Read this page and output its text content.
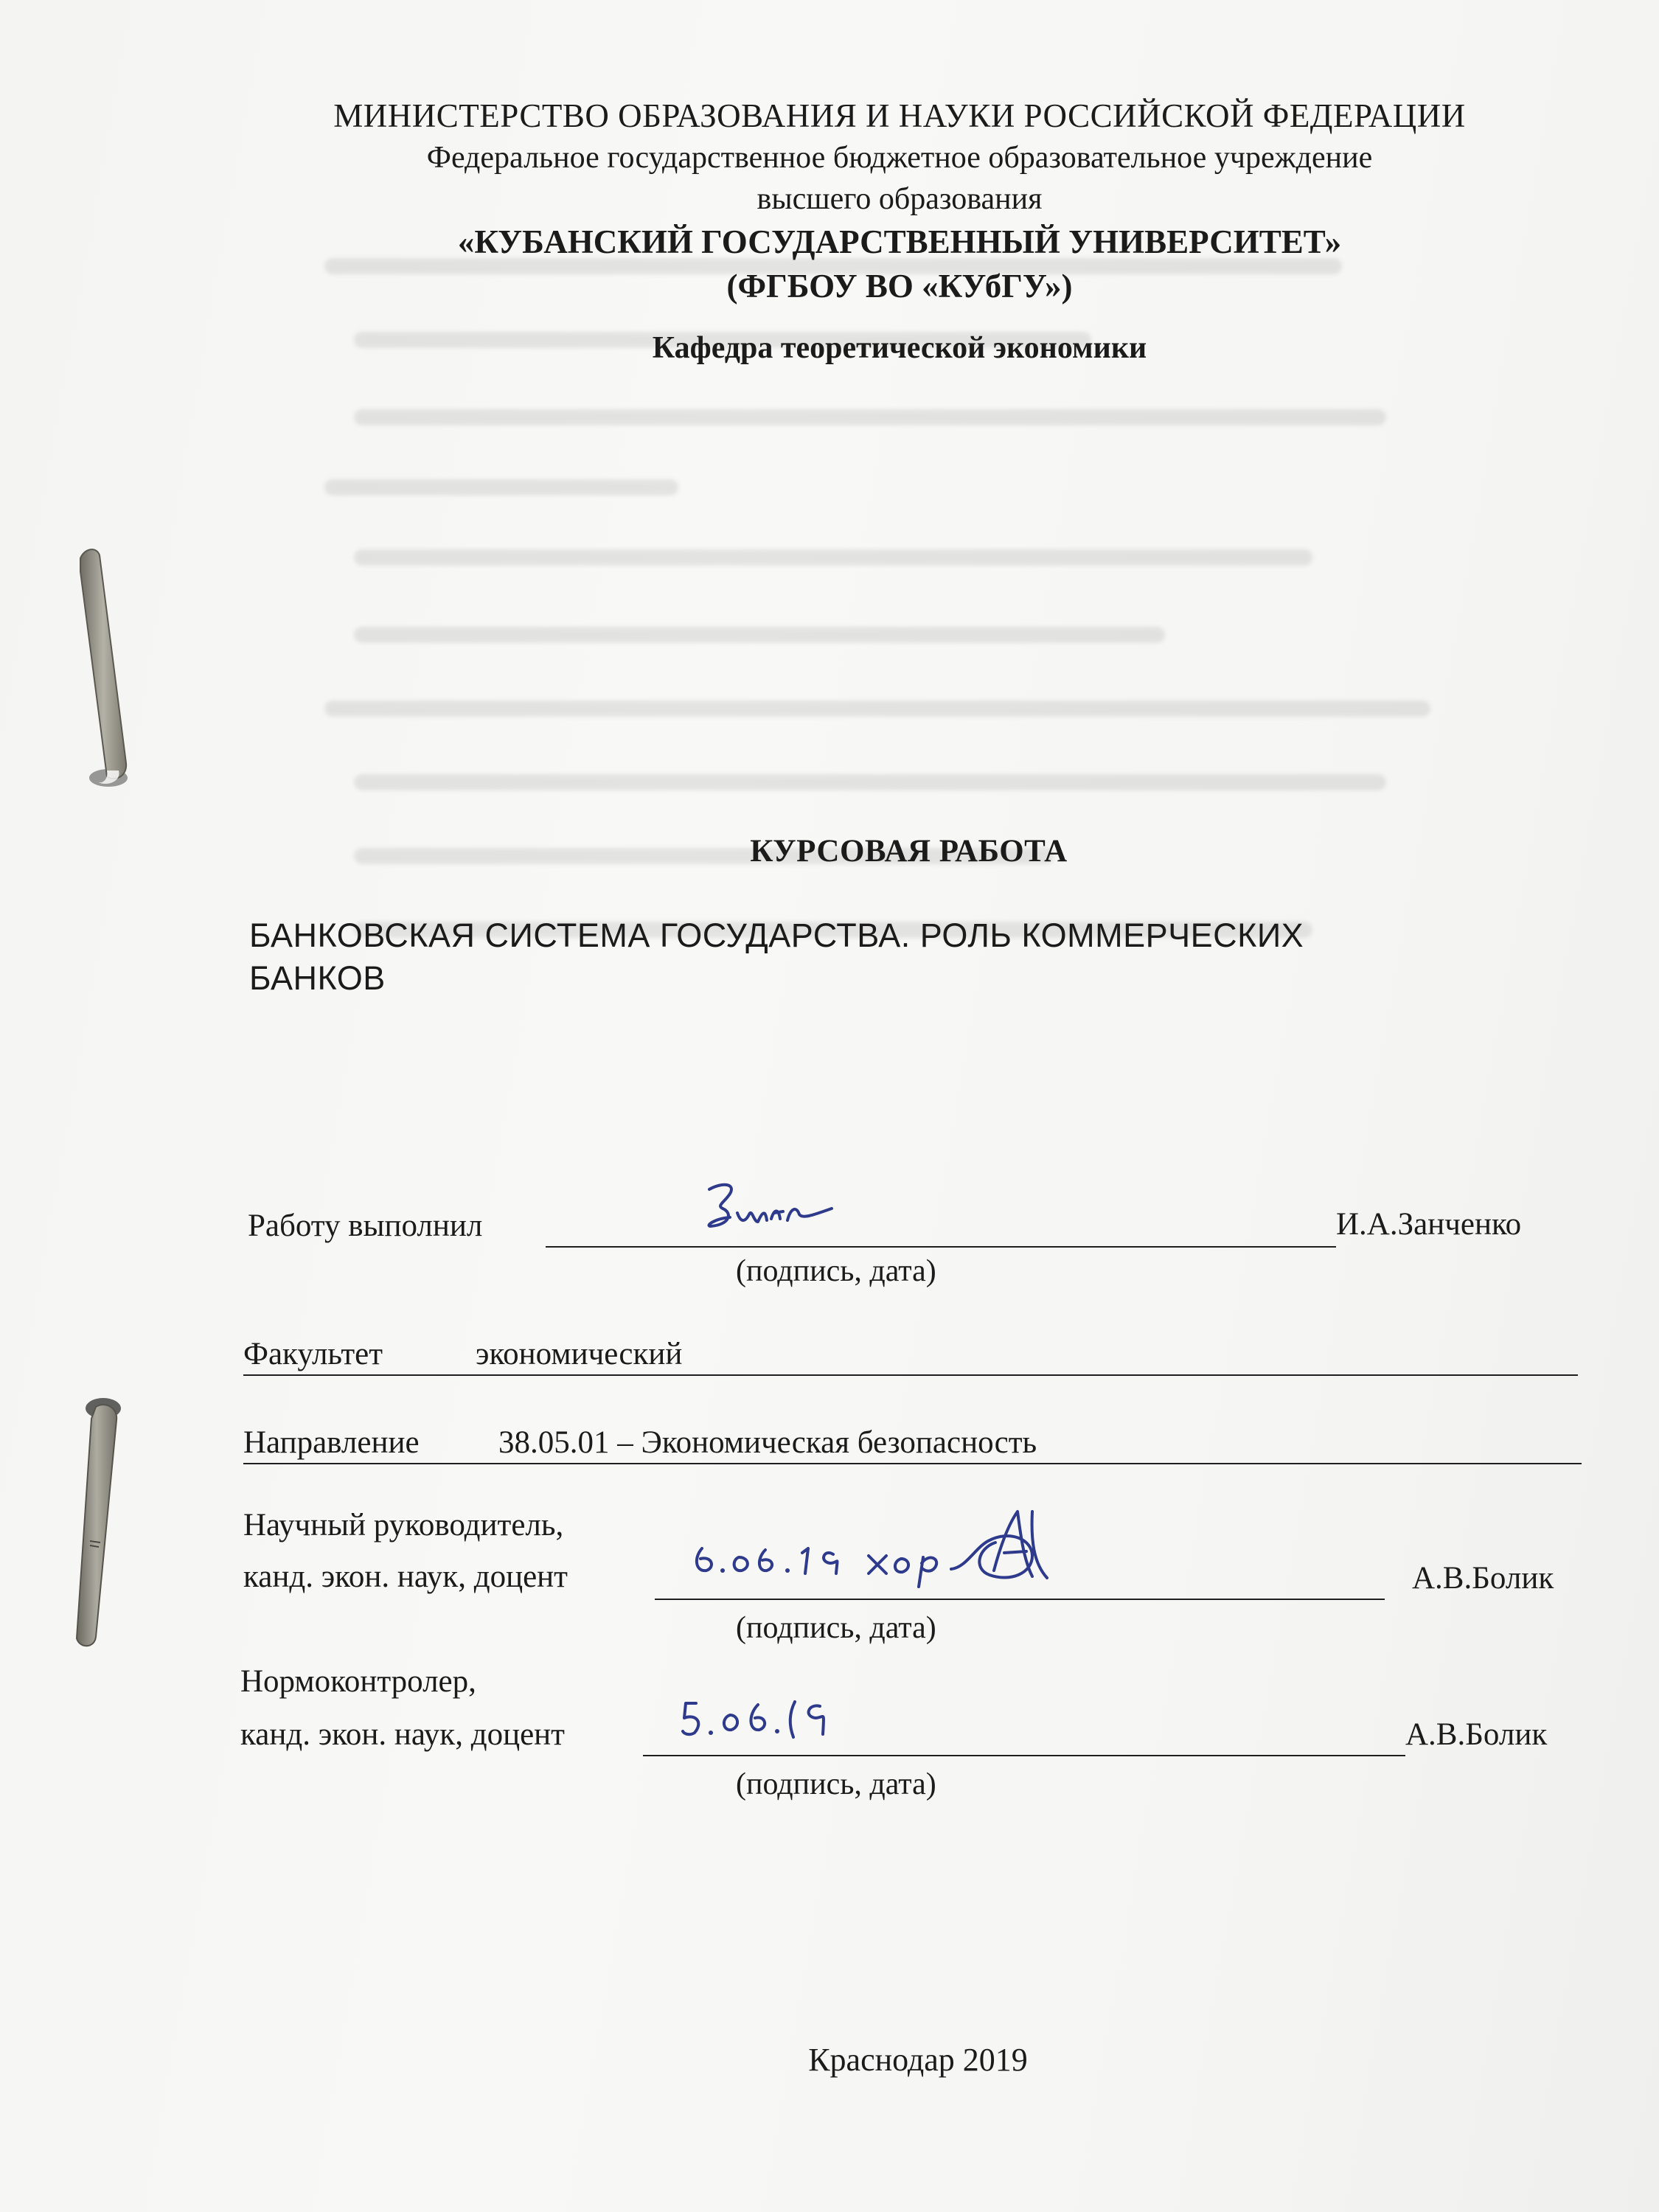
МИНИСТЕРСТВО ОБРАЗОВАНИЯ И НАУКИ РОССИЙСКОЙ ФЕДЕРАЦИИ
Федеральное государственное бюджетное образовательное учреждение
высшего образования
«КУБАНСКИЙ ГОСУДАРСТВЕННЫЙ УНИВЕРСИТЕТ»
(ФГБОУ ВО «КУбГУ»)
Кафедра теоретической экономики
КУРСОВАЯ РАБОТА
БАНКОВСКАЯ СИСТЕМА ГОСУДАРСТВА. РОЛЬ КОММЕРЧЕСКИХ
БАНКОВ
Работу выполнил	И.А.Занченко
(подпись, дата)
Факультет	экономический
Направление 38.05.01 – Экономическая безопасность
Научный руководитель,
канд. экон. наук, доцент	А.В.Болик
(подпись, дата)
Нормоконтролер,
канд. экон. наук, доцент	А.В.Болик
(подпись, дата)
Краснодар 2019
